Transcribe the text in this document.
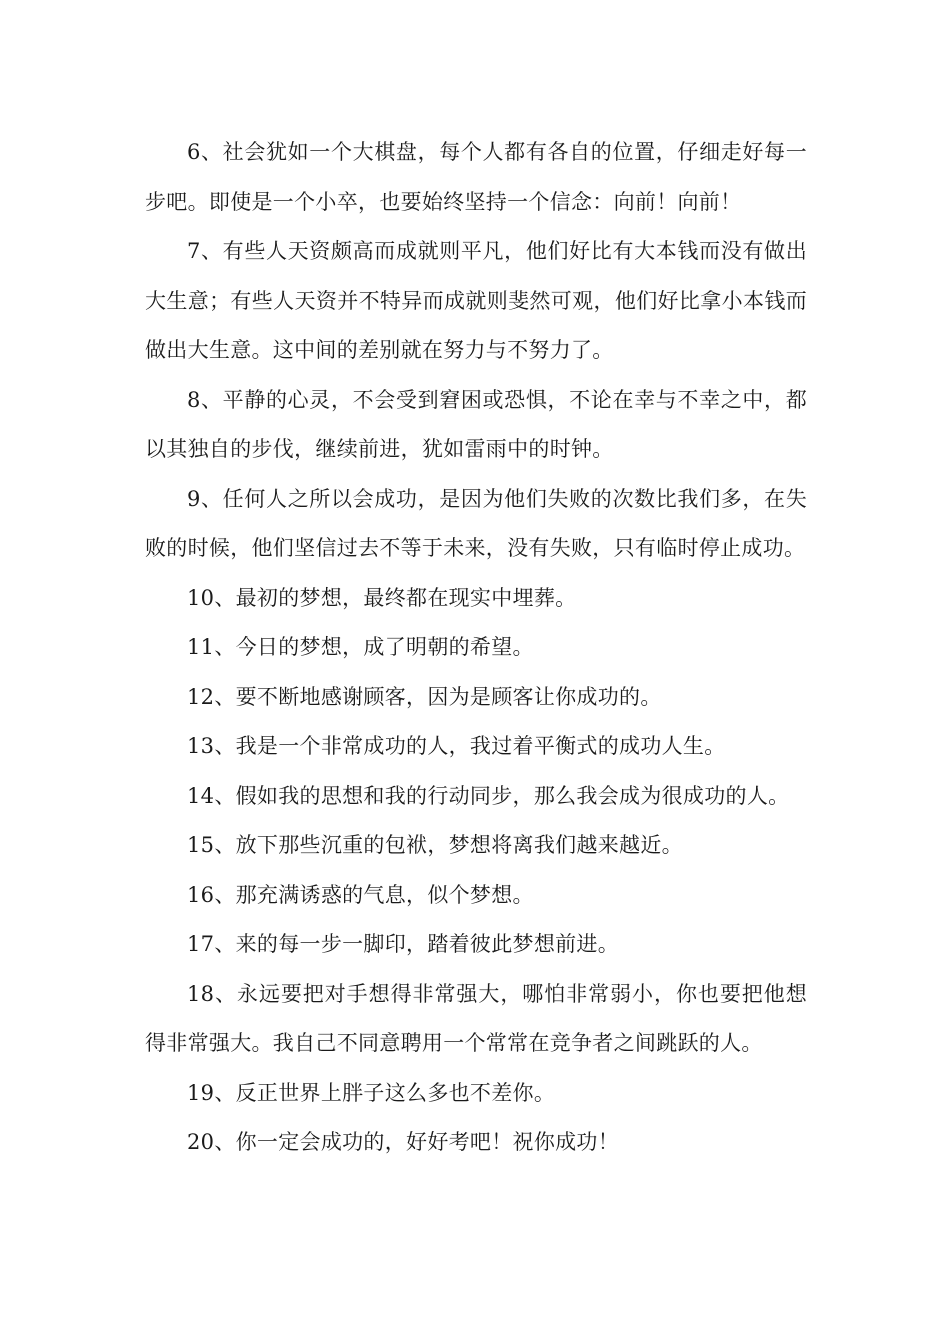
6、社会犹如一个大棋盘，每个人都有各自的位置，仔细走好每一步吧。即使是一个小卒，也要始终坚持一个信念：向前！向前！

7、有些人天资颇高而成就则平凡，他们好比有大本钱而没有做出大生意；有些人天资并不特异而成就则斐然可观，他们好比拿小本钱而做出大生意。这中间的差别就在努力与不努力了。

8、平静的心灵，不会受到窘困或恐惧，不论在幸与不幸之中，都以其独自的步伐，继续前进，犹如雷雨中的时钟。

9、任何人之所以会成功，是因为他们失败的次数比我们多，在失败的时候，他们坚信过去不等于未来，没有失败，只有临时停止成功。

10、最初的梦想，最终都在现实中埋葬。

11、今日的梦想，成了明朝的希望。

12、要不断地感谢顾客，因为是顾客让你成功的。

13、我是一个非常成功的人，我过着平衡式的成功人生。

14、假如我的思想和我的行动同步，那么我会成为很成功的人。

15、放下那些沉重的包袱，梦想将离我们越来越近。

16、那充满诱惑的气息，似个梦想。

17、来的每一步一脚印，踏着彼此梦想前进。

18、永远要把对手想得非常强大，哪怕非常弱小，你也要把他想得非常强大。我自己不同意聘用一个常常在竞争者之间跳跃的人。

19、反正世界上胖子这么多也不差你。

20、你一定会成功的，好好考吧！祝你成功！
